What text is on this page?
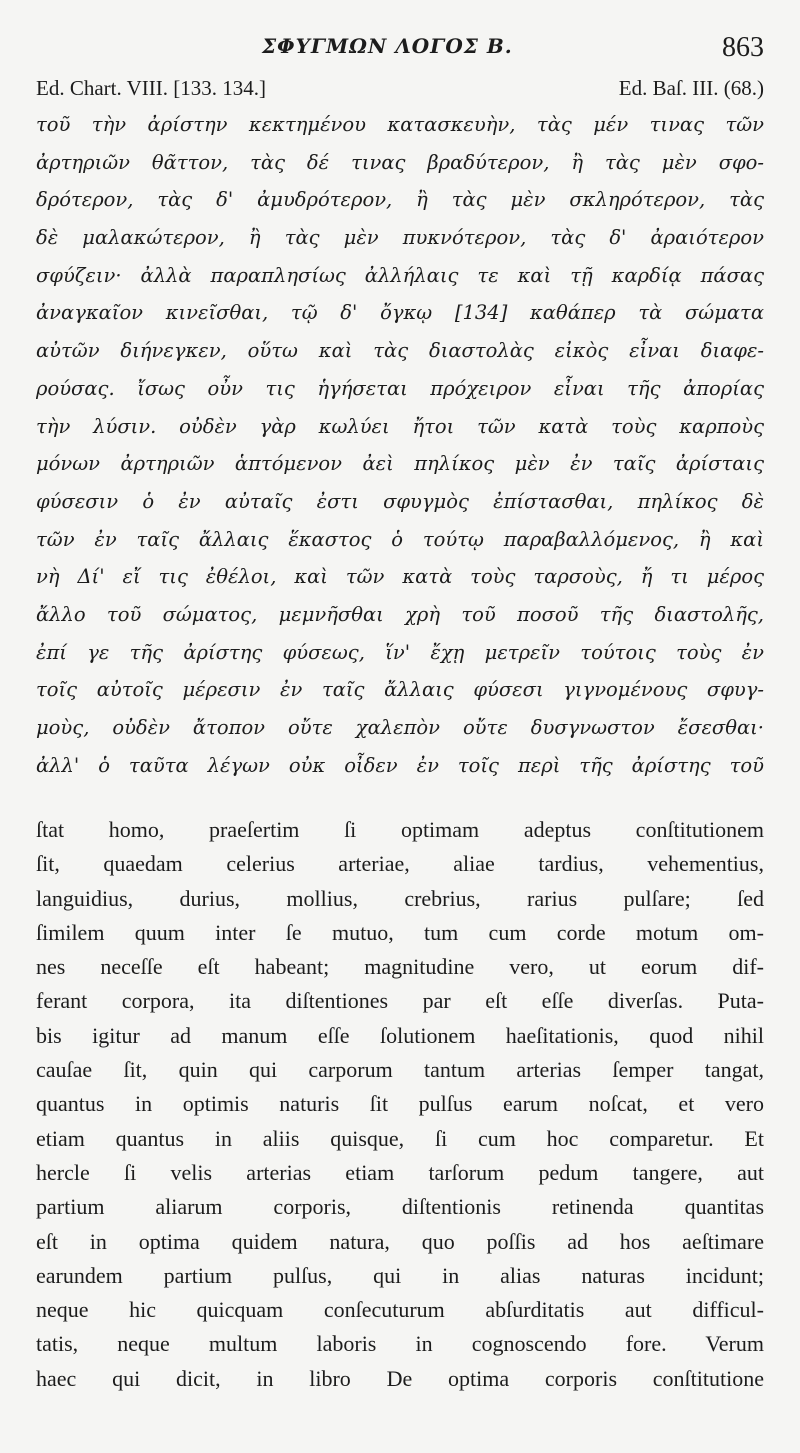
ΣΦΥΓΜΩΝ ΛΟΓΟΣ Β.	863
Ed. Chart. VIII. [133. 134.]	Ed. Baſ. III. (68.)
τοῦ τὴν ἀρίστην κεκτημένου κατασκευὴν, τὰς μέν τινας τῶν
ἀρτηριῶν θᾶττον, τὰς δέ τινας βραδύτερον, ἢ τὰς μὲν σφο-
δρότερον, τὰς δ' ἀμυδρότερον, ἢ τὰς μὲν σκληρότερον, τὰς
δὲ μαλακώτερον, ἢ τὰς μὲν πυκνότερον, τὰς δ' ἀραιότερον
σφύζειν· ἀλλὰ παραπλησίως ἀλλήλαις τε καὶ τῇ καρδίᾳ πάσας
ἀναγκαῖον κινεῖσθαι, τῷ δ' ὄγκῳ [134] καθάπερ τὰ σώματα
αὐτῶν διήνεγκεν, οὕτω καὶ τὰς διαστολὰς εἰκὸς εἶναι διαφε-
ρούσας. ἴσως οὖν τις ἡγήσεται πρόχειρον εἶναι τῆς ἀπορίας
τὴν λύσιν. οὐδὲν γὰρ κωλύει ἤτοι τῶν κατὰ τοὺς καρποὺς
μόνων ἀρτηριῶν ἁπτόμενον ἀεὶ πηλίκος μὲν ἐν ταῖς ἀρίσταις
φύσεσιν ὁ ἐν αὐταῖς ἐστι σφυγμὸς ἐπίστασθαι, πηλίκος δὲ
τῶν ἐν ταῖς ἄλλαις ἕκαστος ὁ τούτῳ παραβαλλόμενος, ἢ καὶ
νὴ Δί' εἴ τις ἐθέλοι, καὶ τῶν κατὰ τοὺς ταρσοὺς, ἤ τι μέρος
ἄλλο τοῦ σώματος, μεμνῆσθαι χρὴ τοῦ ποσοῦ τῆς διαστολῆς,
ἐπί γε τῆς ἀρίστης φύσεως, ἵν' ἔχῃ μετρεῖν τούτοις τοὺς ἐν
τοῖς αὐτοῖς μέρεσιν ἐν ταῖς ἄλλαις φύσεσι γιγνομένους σφυγ-
μοὺς, οὐδὲν ἄτοπον οὔτε χαλεπὸν οὔτε δυσγνωστον ἔσεσθαι·
ἀλλ' ὁ ταῦτα λέγων οὐκ οἶδεν ἐν τοῖς περὶ τῆς ἀρίστης τοῦ
ſtat homo, praeſertim ſi optimam adeptus conſtitutionem
ſit, quaedam celerius arteriae, aliae tardius, vehementius,
languidius, durius, mollius, crebrius, rarius pulſare; ſed
ſimilem quum inter ſe mutuo, tum cum corde motum om-
nes neceſſe eſt habeant; magnitudine vero, ut eorum dif-
ferant corpora, ita diſtentiones par eſt eſſe diverſas. Puta-
bis igitur ad manum eſſe ſolutionem haeſitationis, quod nihil
cauſae ſit, quin qui carporum tantum arterias ſemper tangat,
quantus in optimis naturis ſit pulſus earum noſcat, et vero
etiam quantus in aliis quisque, ſi cum hoc comparetur. Et
hercle ſi velis arterias etiam tarſorum pedum tangere, aut
partium aliarum corporis, diſtentionis retinenda quantitas
eſt in optima quidem natura, quo poſſis ad hos aeſtimare
earundem partium pulſus, qui in alias naturas incidunt;
neque hic quicquam conſecuturum abſurditatis aut difficul-
tatis, neque multum laboris in cognoscendo fore. Verum
haec qui dicit, in libro De optima corporis conſtitutione
